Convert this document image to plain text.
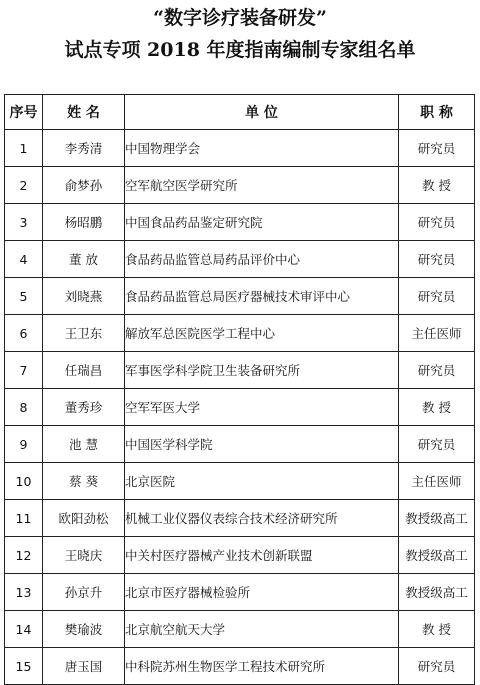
“数字诊疗装备研发”
试点专项 2018 年度指南编制专家组名单
序号	姓 名	单 位	职 称
1	李秀清	中国物理学会	研究员
2	俞梦孙	空军航空医学研究所	教 授
3	杨昭鹏	中国食品药品鉴定研究院	研究员
4	董 放	食品药品监管总局药品评价中心	研究员
5	刘晓燕	食品药品监管总局医疗器械技术审评中心	研究员
6	王卫东	解放军总医院医学工程中心	主任医师
7	任瑞昌	军事医学科学院卫生装备研究所	研究员
8	董秀珍	空军军医大学	教 授
9	池 慧	中国医学科学院	研究员
10	蔡 葵	北京医院	主任医师
11	欧阳劲松	机械工业仪器仪表综合技术经济研究所	教授级高工
12	王晓庆	中关村医疗器械产业技术创新联盟	教授级高工
13	孙京升	北京市医疗器械检验所	教授级高工
14	樊瑜波	北京航空航天大学	教 授
15	唐玉国	中科院苏州生物医学工程技术研究所	研究员
